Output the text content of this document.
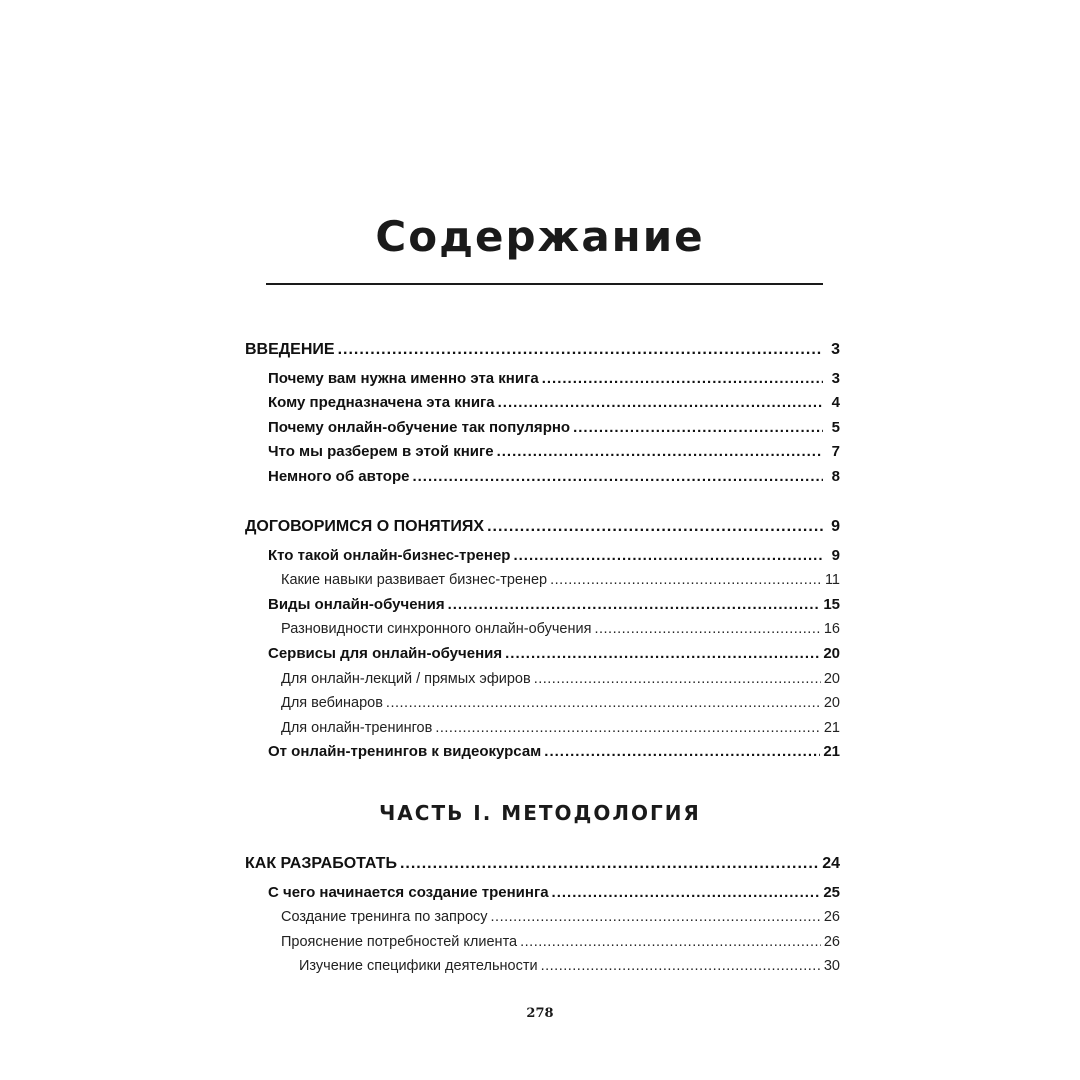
Содержание
ВВЕДЕНИЕ .....	3
Почему вам нужна именно эта книга .....	3
Кому предназначена эта книга .....	4
Почему онлайн-обучение так популярно .....	5
Что мы разберем в этой книге .....	7
Немного об авторе .....	8
ДОГОВОРИМСЯ О ПОНЯТИЯХ .....	9
Кто такой онлайн-бизнес-тренер .....	9
Какие навыки развивает бизнес-тренер .....	11
Виды онлайн-обучения .....	15
Разновидности синхронного онлайн-обучения .....	16
Сервисы для онлайн-обучения .....	20
Для онлайн-лекций / прямых эфиров .....	20
Для вебинаров .....	20
Для онлайн-тренингов .....	21
От онлайн-тренингов к видеокурсам .....	21
КАК РАЗРАБОТАТЬ .....	24
С чего начинается создание тренинга .....	25
Создание тренинга по запросу .....	26
Прояснение потребностей клиента .....	26
Изучение специфики деятельности .....	30
ЧАСТЬ I. МЕТОДОЛОГИЯ
278
